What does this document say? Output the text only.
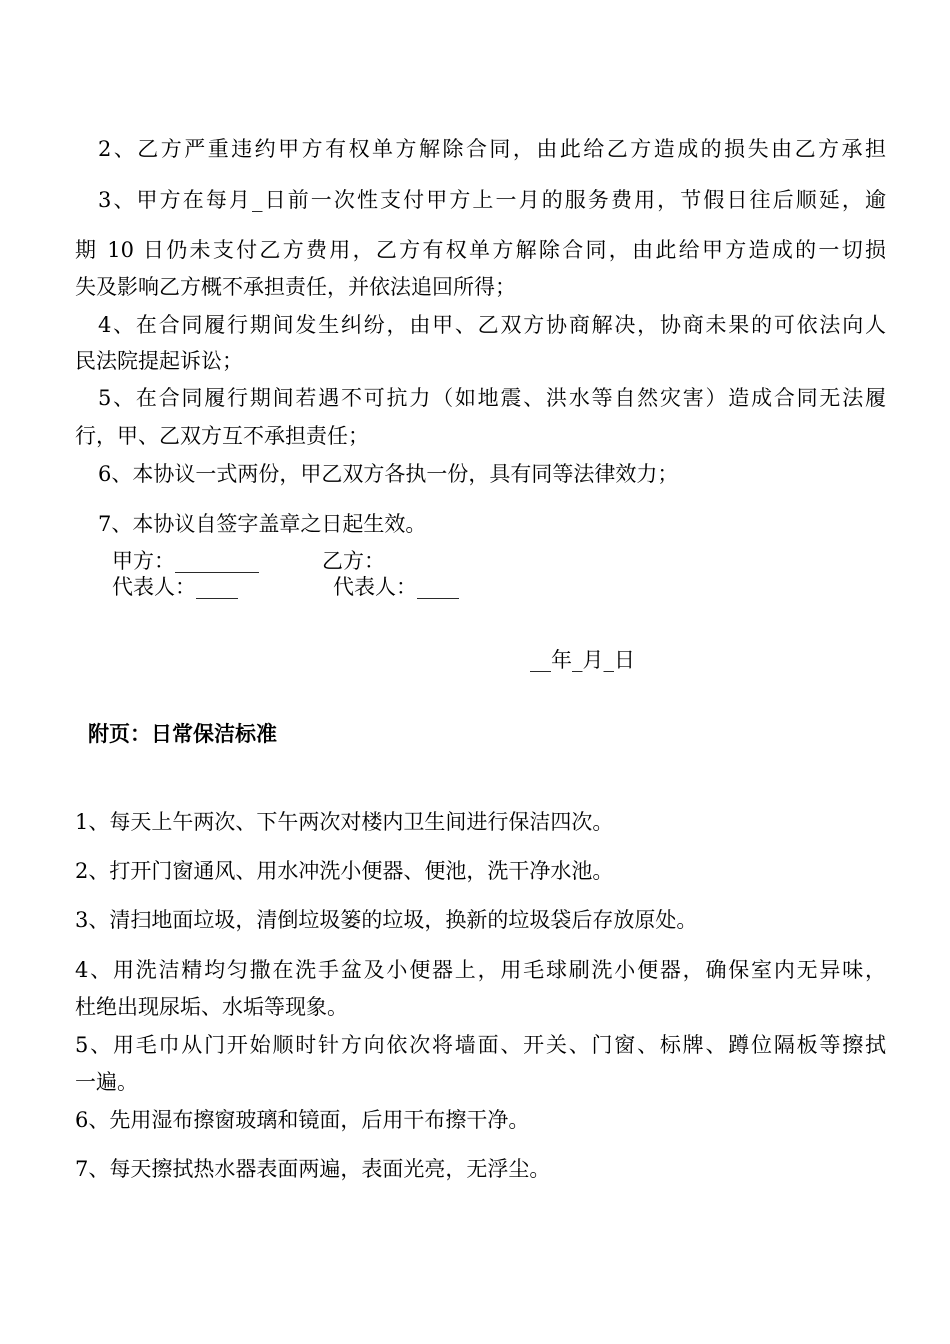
2、乙方严重违约甲方有权单方解除合同，由此给乙方造成的损失由乙方承担
3、甲方在每月_日前一次性支付甲方上一月的服务费用，节假日往后顺延，逾
期 10 日仍未支付乙方费用，乙方有权单方解除合同，由此给甲方造成的一切损
失及影响乙方概不承担责任，并依法追回所得；
4、在合同履行期间发生纠纷，由甲、乙双方协商解决，协商未果的可依法向人
民法院提起诉讼；
5、在合同履行期间若遇不可抗力（如地震、洪水等自然灾害）造成合同无法履
行，甲、乙双方互不承担责任；
6、本协议一式两份，甲乙双方各执一份，具有同等法律效力；
7、本协议自签字盖章之日起生效。
甲方：________	乙方：
代表人：____	代表人：____
__年_月_日
附页：日常保洁标准
1、每天上午两次、下午两次对楼内卫生间进行保洁四次。
2、打开门窗通风、用水冲洗小便器、便池，洗干净水池。
3、清扫地面垃圾，清倒垃圾篓的垃圾，换新的垃圾袋后存放原处。
4、用洗洁精均匀撒在洗手盆及小便器上，用毛球刷洗小便器，确保室内无异味，
杜绝出现尿垢、水垢等现象。
5、用毛巾从门开始顺时针方向依次将墙面、开关、门窗、标牌、蹲位隔板等擦拭
一遍。
6、先用湿布擦窗玻璃和镜面，后用干布擦干净。
7、每天擦拭热水器表面两遍，表面光亮，无浮尘。
